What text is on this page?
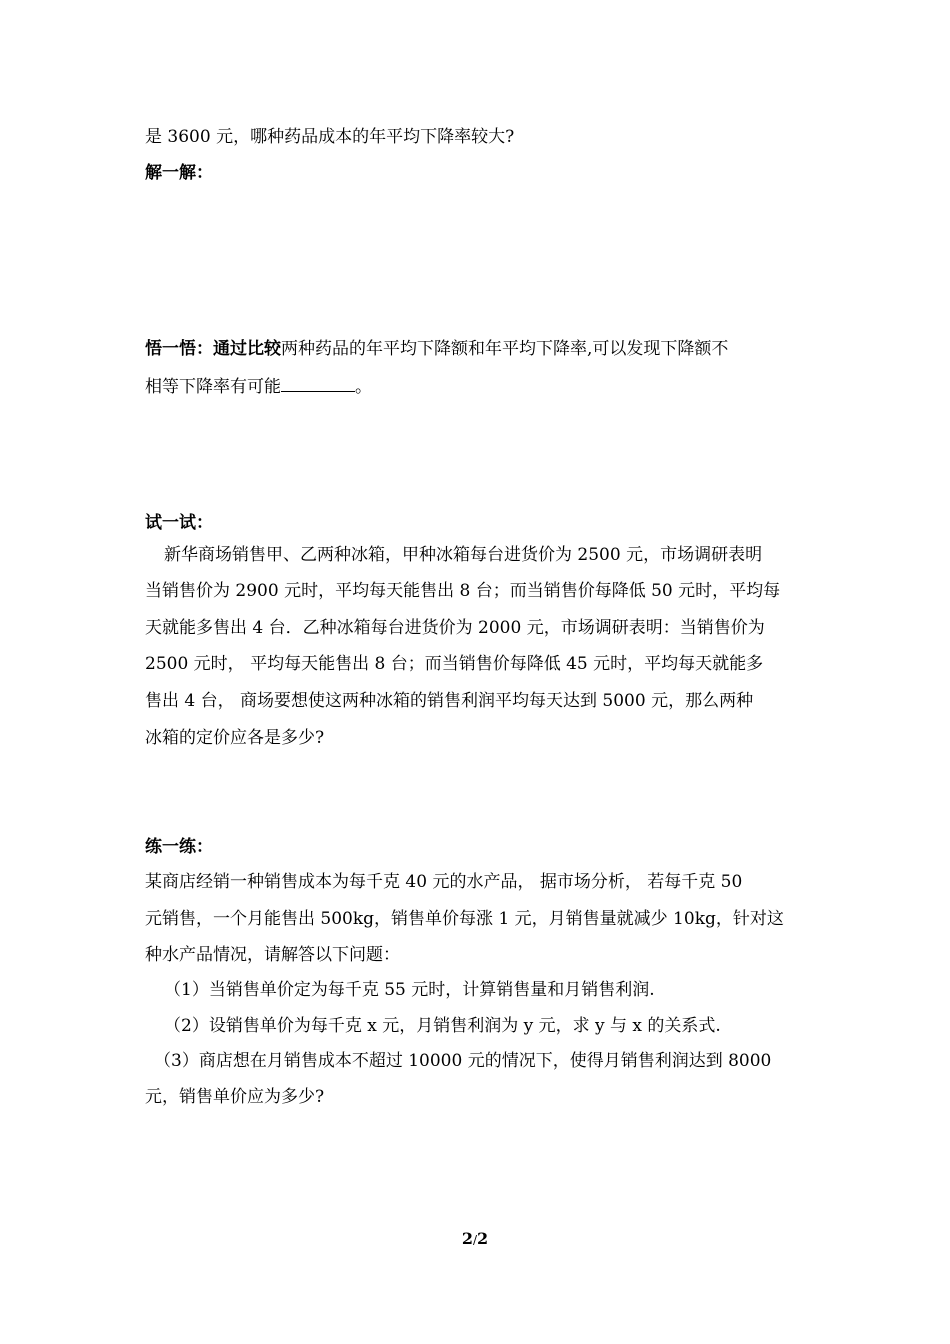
是 3600 元，哪种药品成本的年平均下降率较大?
解一解：
悟一悟：通过比较两种药品的年平均下降额和年平均下降率,可以发现下降额不
相等下降率有可能	。
试一试：
新华商场销售甲、乙两种冰箱，甲种冰箱每台进货价为 2500 元，市场调研表明
当销售价为 2900 元时，平均每天能售出 8 台；而当销售价每降低 50 元时，平均每
天就能多售出 4 台．乙种冰箱每台进货价为 2000 元，市场调研表明：当销售价为
2500 元时， 平均每天能售出 8 台；而当销售价每降低 45 元时，平均每天就能多
售出 4 台， 商场要想使这两种冰箱的销售利润平均每天达到 5000 元，那么两种
冰箱的定价应各是多少?
练一练：
某商店经销一种销售成本为每千克 40 元的水产品， 据市场分析， 若每千克 50
元销售，一个月能售出 500kg，销售单价每涨 1 元，月销售量就减少 10kg，针对这
种水产品情况，请解答以下问题：
（1）当销售单价定为每千克 55 元时，计算销售量和月销售利润.
（2）设销售单价为每千克 x 元，月销售利润为 y 元，求 y 与 x 的关系式.
（3）商店想在月销售成本不超过 10000 元的情况下，使得月销售利润达到 8000
元，销售单价应为多少?
2/2
